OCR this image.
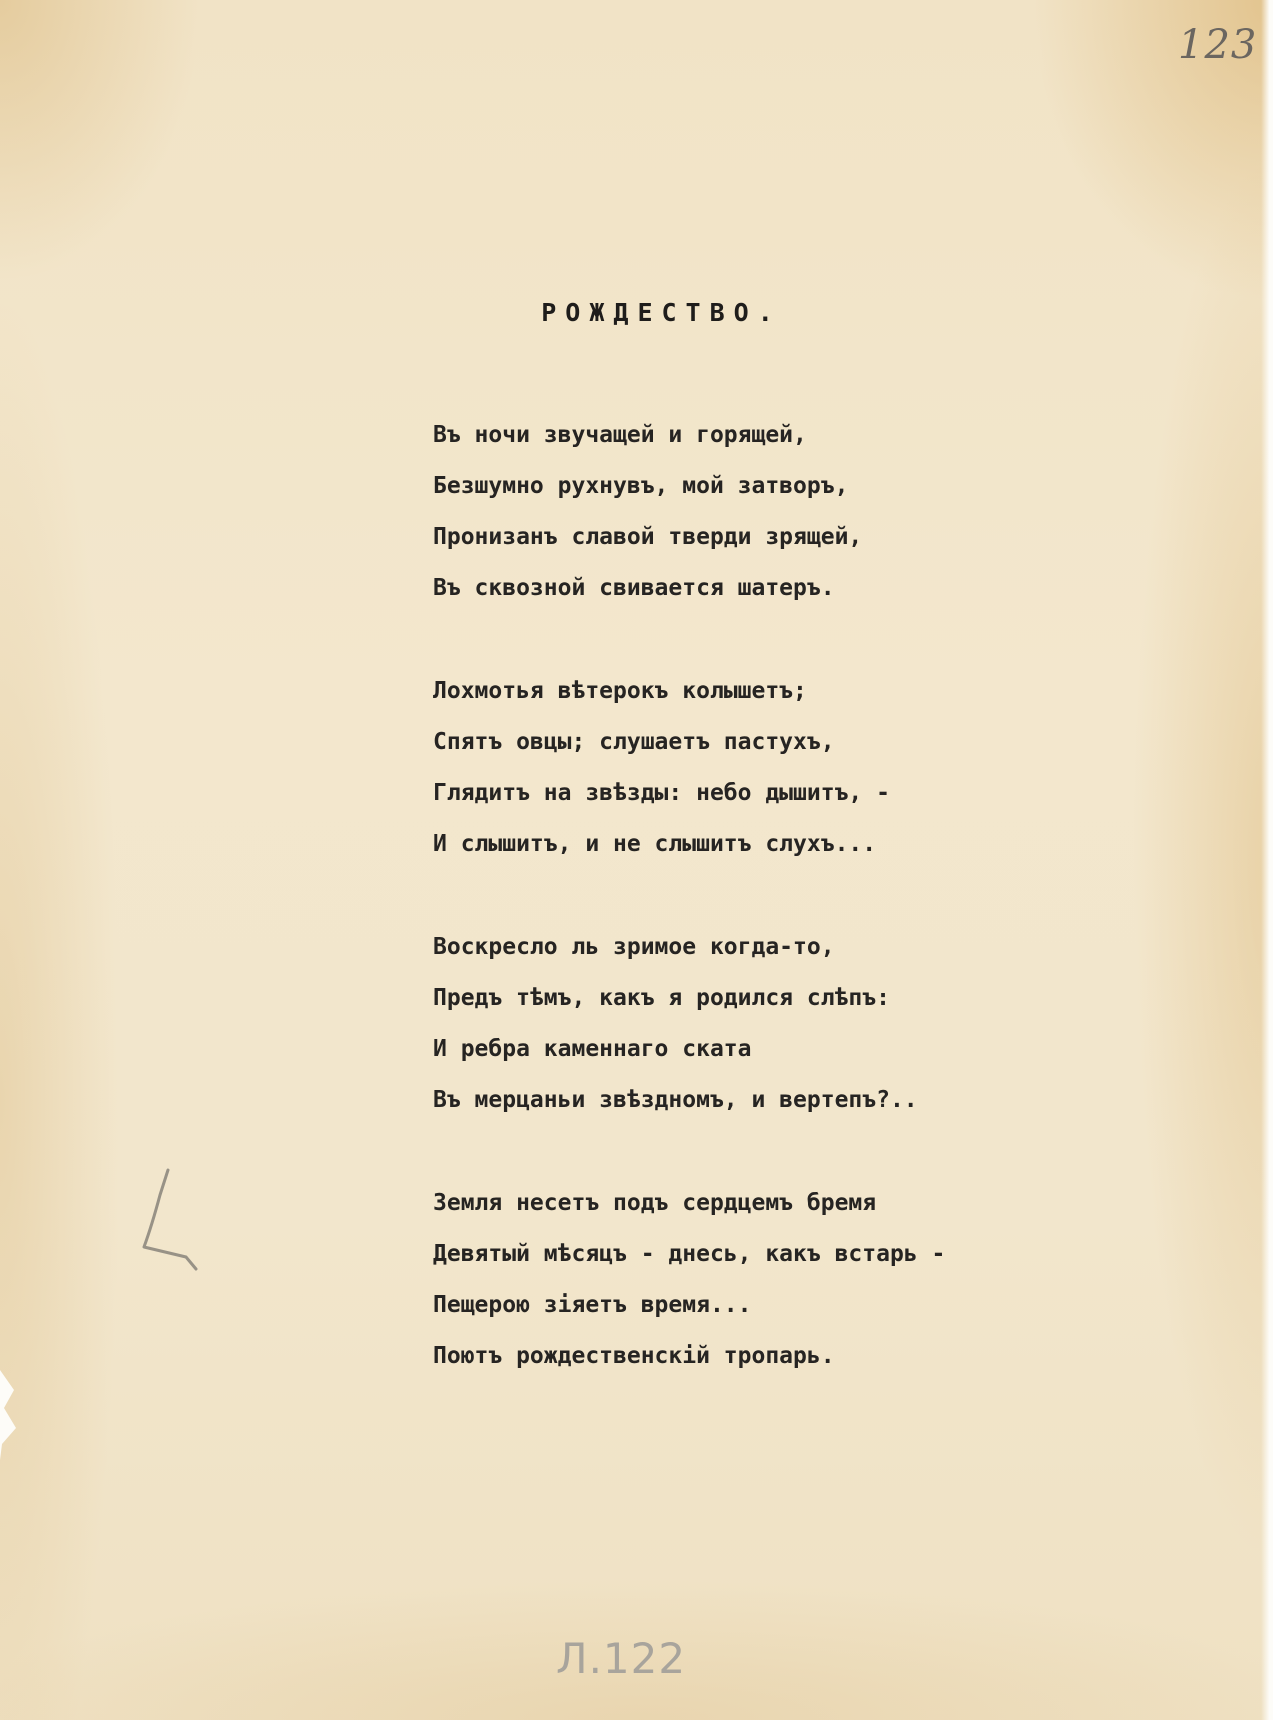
123
РОЖДЕСТВО.
Въ ночи звучащей и горящей,
Безшумно рухнувъ, мой затворъ,
Пронизанъ славой тверди зрящей,
Въ сквозной свивается шатеръ.
Лохмотья вѣтерокъ колышетъ;
Спятъ овцы; слушаетъ пастухъ,
Глядитъ на звѣзды: небо дышитъ, -
И слышитъ, и не слышитъ слухъ...
Воскресло ль зримое когда-то,
Предъ тѣмъ, какъ я родился слѣпъ:
И ребра каменнаго ската
Въ мерцаньи звѣздномъ, и вертепъ?..
Земля несетъ подъ сердцемъ бремя
Девятый мѣсяцъ - днесь, какъ встарь -
Пещерою зіяетъ время...
Поютъ рождественскій тропарь.
Л.122
